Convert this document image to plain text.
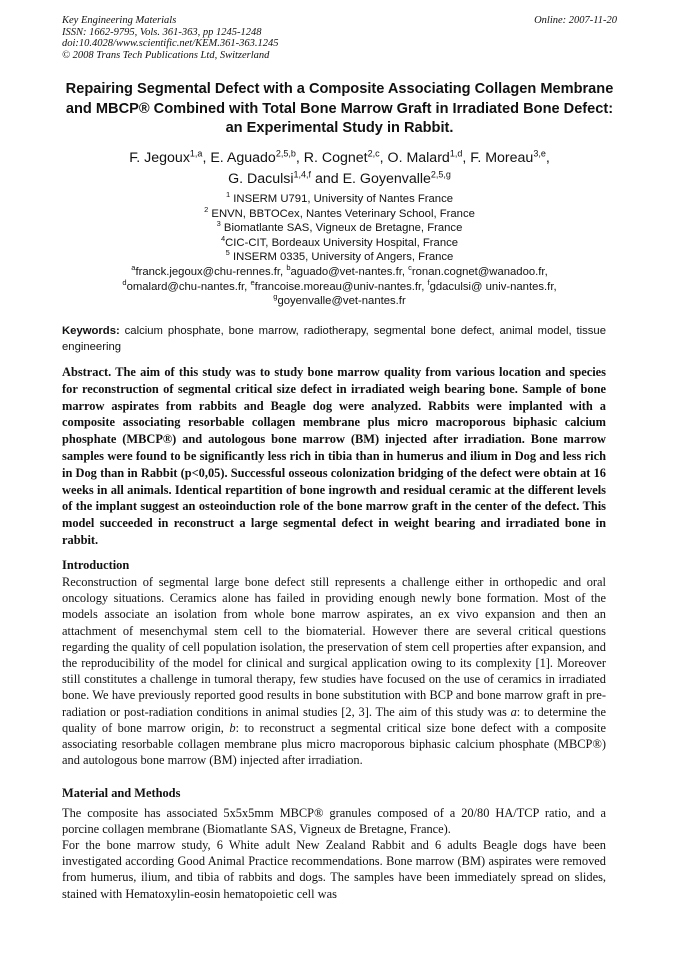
Key Engineering Materials
ISSN: 1662-9795, Vols. 361-363, pp 1245-1248
doi:10.4028/www.scientific.net/KEM.361-363.1245
© 2008 Trans Tech Publications Ltd, Switzerland
Online: 2007-11-20
Repairing Segmental Defect with a Composite Associating Collagen Membrane and MBCP® Combined with Total Bone Marrow Graft in Irradiated Bone Defect: an Experimental Study in Rabbit.
F. Jegoux$^{1,a}$, E. Aguado$^{2,5,b}$, R. Cognet$^{2,c}$, O. Malard$^{1,d}$, F. Moreau$^{3,e}$,
G. Daculsi$^{1,4,f}$ and E. Goyenvalle$^{2,5,g}$
$^1$ INSERM U791, University of Nantes France
$^2$ ENVN, BBTOCex, Nantes Veterinary School, France
$^3$ Biomatlante SAS, Vigneux de Bretagne, France
$^4$CIC-CIT, Bordeaux University Hospital, France
$^5$ INSERM 0335, University of Angers, France
$^a$franck.jegoux@chu-rennes.fr, $^b$aguado@vet-nantes.fr, $^c$ronan.cognet@wanadoo.fr,
$^d$omalard@chu-nantes.fr, $^e$francoise.moreau@univ-nantes.fr, $^f$gdaculsi@ univ-nantes.fr,
$^g$goyenvalle@vet-nantes.fr
Keywords: calcium phosphate, bone marrow, radiotherapy, segmental bone defect, animal model, tissue engineering
Abstract. The aim of this study was to study bone marrow quality from various location and species for reconstruction of segmental critical size defect in irradiated weigh bearing bone. Sample of bone marrow aspirates from rabbits and Beagle dog were analyzed. Rabbits were implanted with a composite associating resorbable collagen membrane plus micro macroporous biphasic calcium phosphate (MBCP®) and autologous bone marrow (BM) injected after irradiation. Bone marrow samples were found to be significantly less rich in tibia than in humerus and ilium in Dog and less rich in Dog than in Rabbit (p<0,05). Successful osseous colonization bridging of the defect were obtain at 16 weeks in all animals. Identical repartition of bone ingrowth and residual ceramic at the different levels of the implant suggest an osteoinduction role of the bone marrow graft in the center of the defect. This model succeeded in reconstruct a large segmental defect in weight bearing and irradiated bone in rabbit.
Introduction
Reconstruction of segmental large bone defect still represents a challenge either in orthopedic and oral oncology situations. Ceramics alone has failed in providing enough newly bone formation. Most of the models associate an isolation from whole bone marrow aspirates, an ex vivo expansion and then an attachment of mesenchymal stem cell to the biomaterial. However there are several critical questions regarding the quality of cell population isolation, the preservation of stem cell properties after expansion, and the reproducibility of the model for clinical and surgical application owing to its complexity [1]. Moreover still constitutes a challenge in tumoral therapy, few studies have focused on the use of ceramics in irradiated bone. We have previously reported good results in bone substitution with BCP and bone marrow graft in pre-radiation or post-radiation conditions in animal studies [2, 3]. The aim of this study was a: to determine the quality of bone marrow origin, b: to reconstruct a segmental critical size bone defect with a composite associating resorbable collagen membrane plus micro macroporous biphasic calcium phosphate (MBCP®) and autologous bone marrow (BM) injected after irradiation.
Material and Methods
The composite has associated 5x5x5mm MBCP® granules composed of a 20/80 HA/TCP ratio, and a porcine collagen membrane (Biomatlante SAS, Vigneux de Bretagne, France).
For the bone marrow study, 6 White adult New Zealand Rabbit and 6 adults Beagle dogs have been investigated according Good Animal Practice recommendations. Bone marrow (BM) aspirates were removed from humerus, ilium, and tibia of rabbits and dogs. The samples have been immediately spread on slides, stained with Hematoxylin-eosin hematopoietic cell was
